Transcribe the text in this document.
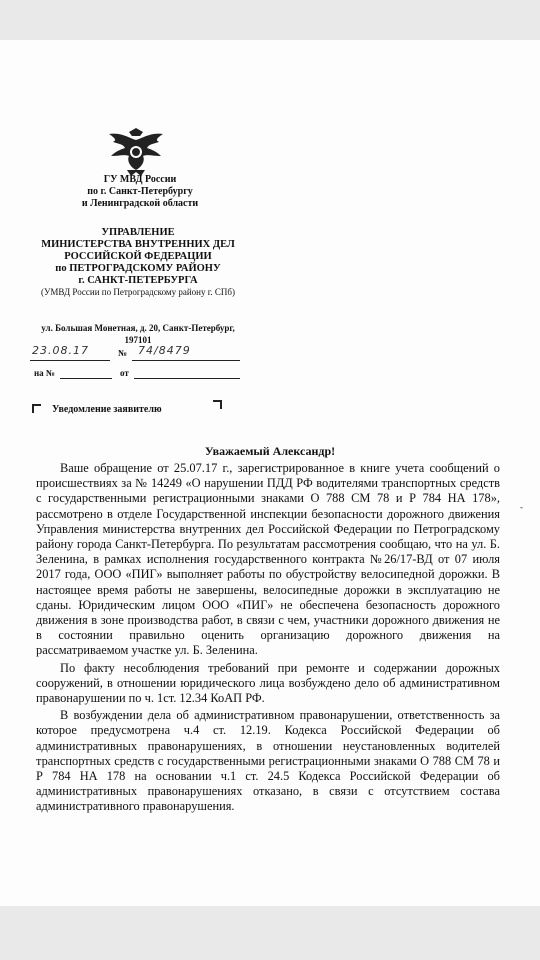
ГУ МВД России
по г. Санкт-Петербургу
и Ленинградской области
УПРАВЛЕНИЕ
МИНИСТЕРСТВА ВНУТРЕННИХ ДЕЛ
РОССИЙСКОЙ ФЕДЕРАЦИИ
по ПЕТРОГРАДСКОМУ РАЙОНУ
г. САНКТ-ПЕТЕРБУРГА
(УМВД России по Петроградскому району г. СПб)
ул. Большая Монетная, д. 20, Санкт-Петербург, 197101
23.08.17	№ 74/8479
на №	от
Уведомление заявителю
Уважаемый Александр!

Ваше обращение от 25.07.17 г., зарегистрированное в книге учета сообщений о происшествиях за № 14249 «О нарушении ПДД РФ водителями транспортных средств с государственными регистрационными знаками О 788 СМ 78 и Р 784 НА 178», рассмотрено в отделе Государственной инспекции безопасности дорожного движения Управления министерства внутренних дел Российской Федерации по Петроградскому району города Санкт-Петербурга. По результатам рассмотрения сообщаю, что на ул. Б. Зеленина, в рамках исполнения государственного контракта №26/17-ВД от 07 июля 2017 года, ООО «ПИГ» выполняет работы по обустройству велосипедной дорожки. В настоящее время работы не завершены, велосипедные дорожки в эксплуатацию не сданы. Юридическим лицом ООО «ПИГ» не обеспечена безопасность дорожного движения в зоне производства работ, в связи с чем, участники дорожного движения не в состоянии правильно оценить организацию дорожного движения на рассматриваемом участке ул. Б. Зеленина.

По факту несоблюдения требований при ремонте и содержании дорожных сооружений, в отношении юридического лица возбуждено дело об административном правонарушении по ч. 1ст. 12.34 КоАП РФ.

В возбуждении дела об административном правонарушении, ответственность за которое предусмотрена ч.4 ст. 12.19. Кодекса Российской Федерации об административных правонарушениях, в отношении неустановленных водителей транспортных средств с государственными регистрационными знаками О 788 СМ 78 и Р 784 НА 178 на основании ч.1 ст. 24.5 Кодекса Российской Федерации об административных правонарушениях отказано, в связи с отсутствием состава административного правонарушения.

-
